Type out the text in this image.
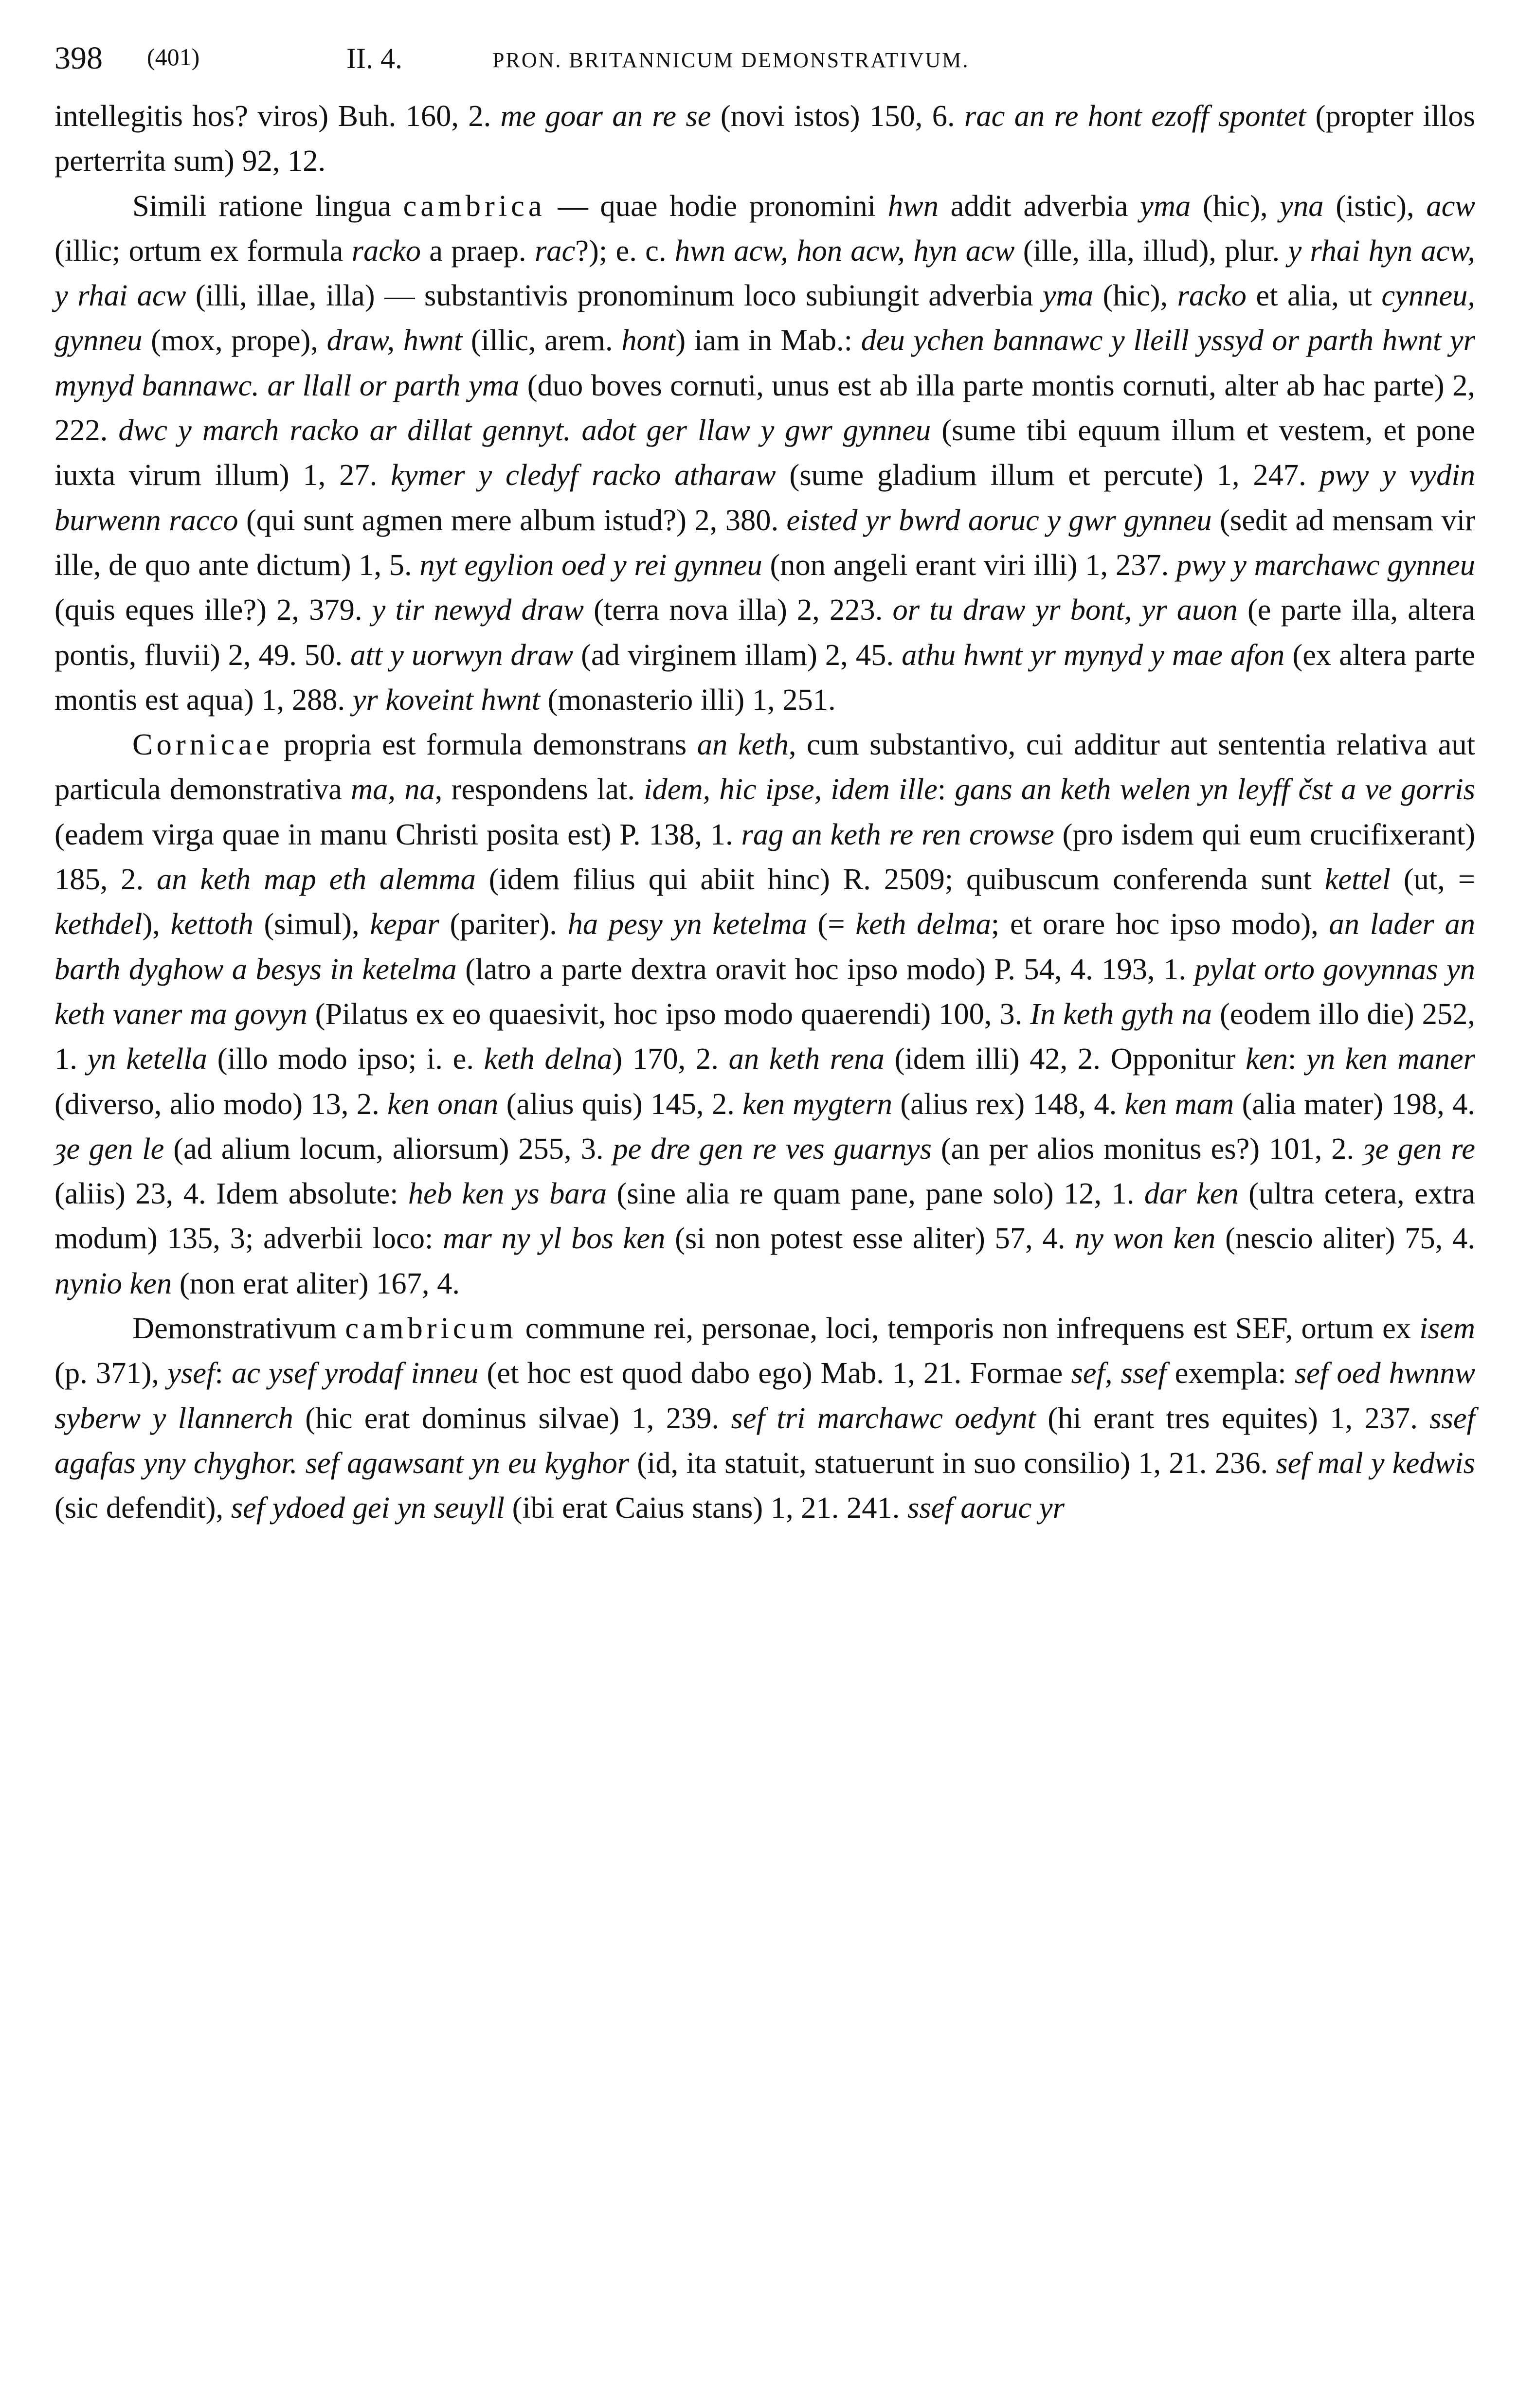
398 (401)	II. 4.	PRON. BRITANNICUM DEMONSTRATIVUM.

intellegitis hos? viros) Buh. 160, 2. me goar an re se (novi istos) 150, 6. rac an re hont ezoff spontet (propter illos perterrita sum) 92, 12.

Simili ratione lingua cambrica — quae hodie pronomini hwn addit adverbia yma (hic), yna (istic), acw (illic; ortum ex formula racko a praep. rac?); e. c. hwn acw, hon acw, hyn acw (ille, illa, illud), plur. y rhai hyn acw, y rhai acw (illi, illae, illa) — substantivis pronominum loco subiungit adverbia yma (hic), racko et alia, ut cynneu, gynneu (mox, prope), draw, hwnt (illic, arem. hont) iam in Mab.: deu ychen bannawc y lleill yssyd or parth hwnt yr mynyd bannawc. ar llall or parth yma (duo boves cornuti, unus est ab illa parte montis cornuti, alter ab hac parte) 2, 222. dwc y march racko ar dillat gennyt. adot ger llaw y gwr gynneu (sume tibi equum illum et vestem, et pone iuxta virum illum) 1, 27. kymer y cledyf racko atharaw (sume gladium illum et percute) 1, 247. pwy y vydin burwenn racco (qui sunt agmen mere album istud?) 2, 380. eisted yr bwrd aoruc y gwr gynneu (sedit ad mensam vir ille, de quo ante dictum) 1, 5. nyt egylion oed y rei gynneu (non angeli erant viri illi) 1, 237. pwy y marchawc gynneu (quis eques ille?) 2, 379. y tir newyd draw (terra nova illa) 2, 223. or tu draw yr bont, yr auon (e parte illa, altera pontis, fluvii) 2, 49. 50. att y uorwyn draw (ad virginem illam) 2, 45. athu hwnt yr mynyd y mae afon (ex altera parte montis est aqua) 1, 288. yr koveint hwnt (monasterio illi) 1, 251.

Cornicae propria est formula demonstrans an keth, cum substantivo, cui additur aut sententia relativa aut particula demonstrativa ma, na, respondens lat. idem, hic ipse, idem ille: gans an keth welen yn leyff čst a ve gorris (eadem virga quae in manu Christi posita est) P. 138, 1. rag an keth re ren crowse (pro isdem qui eum crucifixerant) 185, 2. an keth map eth alemma (idem filius qui abiit hinc) R. 2509; quibuscum conferenda sunt kettel (ut, = kethdel), kettoth (simul), kepar (pariter). ha pesy yn ketelma (= keth delma; et orare hoc ipso modo), an lader an barth dyghow a besys in ketelma (latro a parte dextra oravit hoc ipso modo) P. 54, 4. 193, 1. pylat orto govynnas yn keth vaner ma govyn (Pilatus ex eo quaesivit, hoc ipso modo quaerendi) 100, 3. In keth gyth na (eodem illo die) 252, 1. yn ketella (illo modo ipso; i. e. keth delna) 170, 2. an keth rena (idem illi) 42, 2. Opponitur ken: yn ken maner (diverso, alio modo) 13, 2. ken onan (alius quis) 145, 2. ken mygtern (alius rex) 148, 4. ken mam (alia mater) 198, 4. ȝe gen le (ad alium locum, aliorsum) 255, 3. pe dre gen re ves guarnys (an per alios monitus es?) 101, 2. ȝe gen re (aliis) 23, 4. Idem absolute: heb ken ys bara (sine alia re quam pane, pane solo) 12, 1. dar ken (ultra cetera, extra modum) 135, 3; adverbii loco: mar ny yl bos ken (si non potest esse aliter) 57, 4. ny won ken (nescio aliter) 75, 4. nynio ken (non erat aliter) 167, 4.

Demonstrativum cambricum commune rei, personae, loci, temporis non infrequens est SEF, ortum ex isem (p. 371), ysef: ac ysef yrodaf inneu (et hoc est quod dabo ego) Mab. 1, 21. Formae sef, ssef exempla: sef oed hwnnw syberw y llannerch (hic erat dominus silvae) 1, 239. sef tri marchawc oedynt (hi erant tres equites) 1, 237. ssef agafas yny chyghor. sef agawsant yn eu kyghor (id, ita statuit, statuerunt in suo consilio) 1, 21. 236. sef mal y kedwis (sic defendit), sef ydoed gei yn seuyll (ibi erat Caius stans) 1, 21. 241. ssef aoruc yr
